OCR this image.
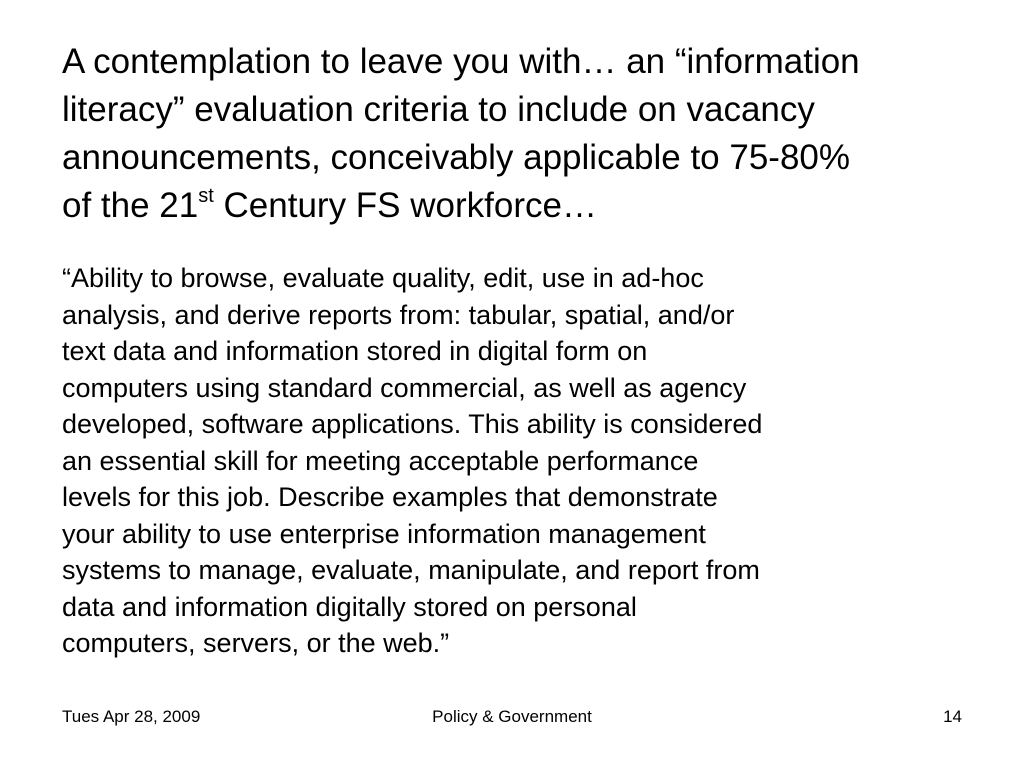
A contemplation to leave you with… an “information
literacy” evaluation criteria to include on vacancy
announcements, conceivably applicable to 75-80%
of the 21st Century FS workforce…

“Ability to browse, evaluate quality, edit, use in ad-hoc
analysis, and derive reports from: tabular, spatial, and/or
text data and information stored in digital form on
computers using standard commercial, as well as agency
developed, software applications. This ability is considered
an essential skill for meeting acceptable performance
levels for this job. Describe examples that demonstrate
your ability to use enterprise information management
systems to manage, evaluate, manipulate, and report from
data and information digitally stored on personal
computers, servers, or the web.”

Tues Apr 28, 2009	Policy & Government	14
